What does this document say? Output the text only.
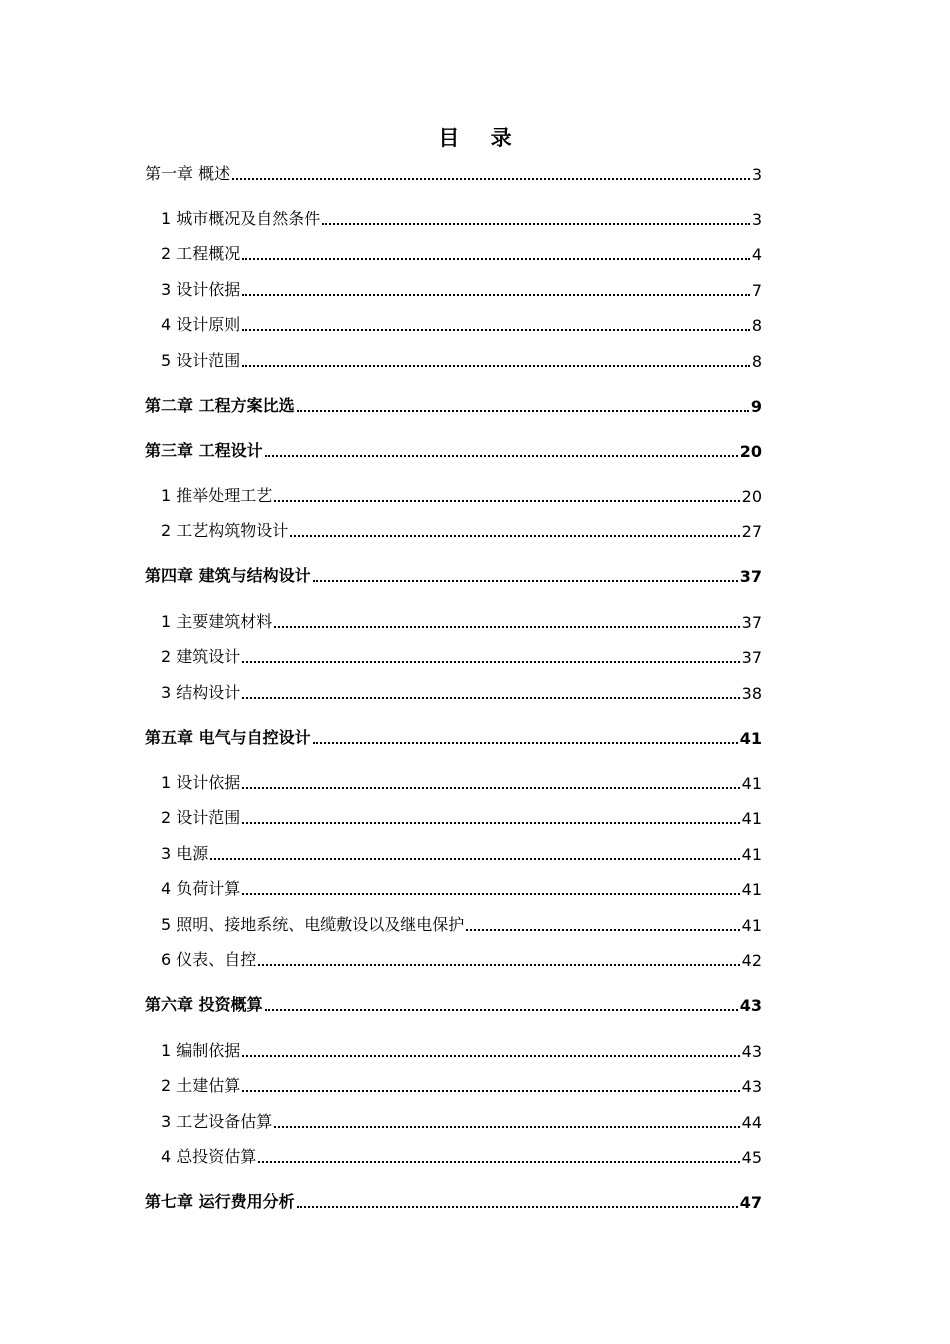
目 录
第一章 概述	3
1 城市概况及自然条件	3
2 工程概况	4
3 设计依据	7
4 设计原则	8
5 设计范围	8
第二章 工程方案比选	9
第三章 工程设计	20
1 推举处理工艺	20
2 工艺构筑物设计	27
第四章 建筑与结构设计	37
1 主要建筑材料	37
2 建筑设计	37
3 结构设计	38
第五章 电气与自控设计	41
1 设计依据	41
2 设计范围	41
3 电源	41
4 负荷计算	41
5 照明、接地系统、电缆敷设以及继电保护	41
6 仪表、自控	42
第六章 投资概算	43
1 编制依据	43
2 土建估算	43
3 工艺设备估算	44
4 总投资估算	45
第七章 运行费用分析	47
